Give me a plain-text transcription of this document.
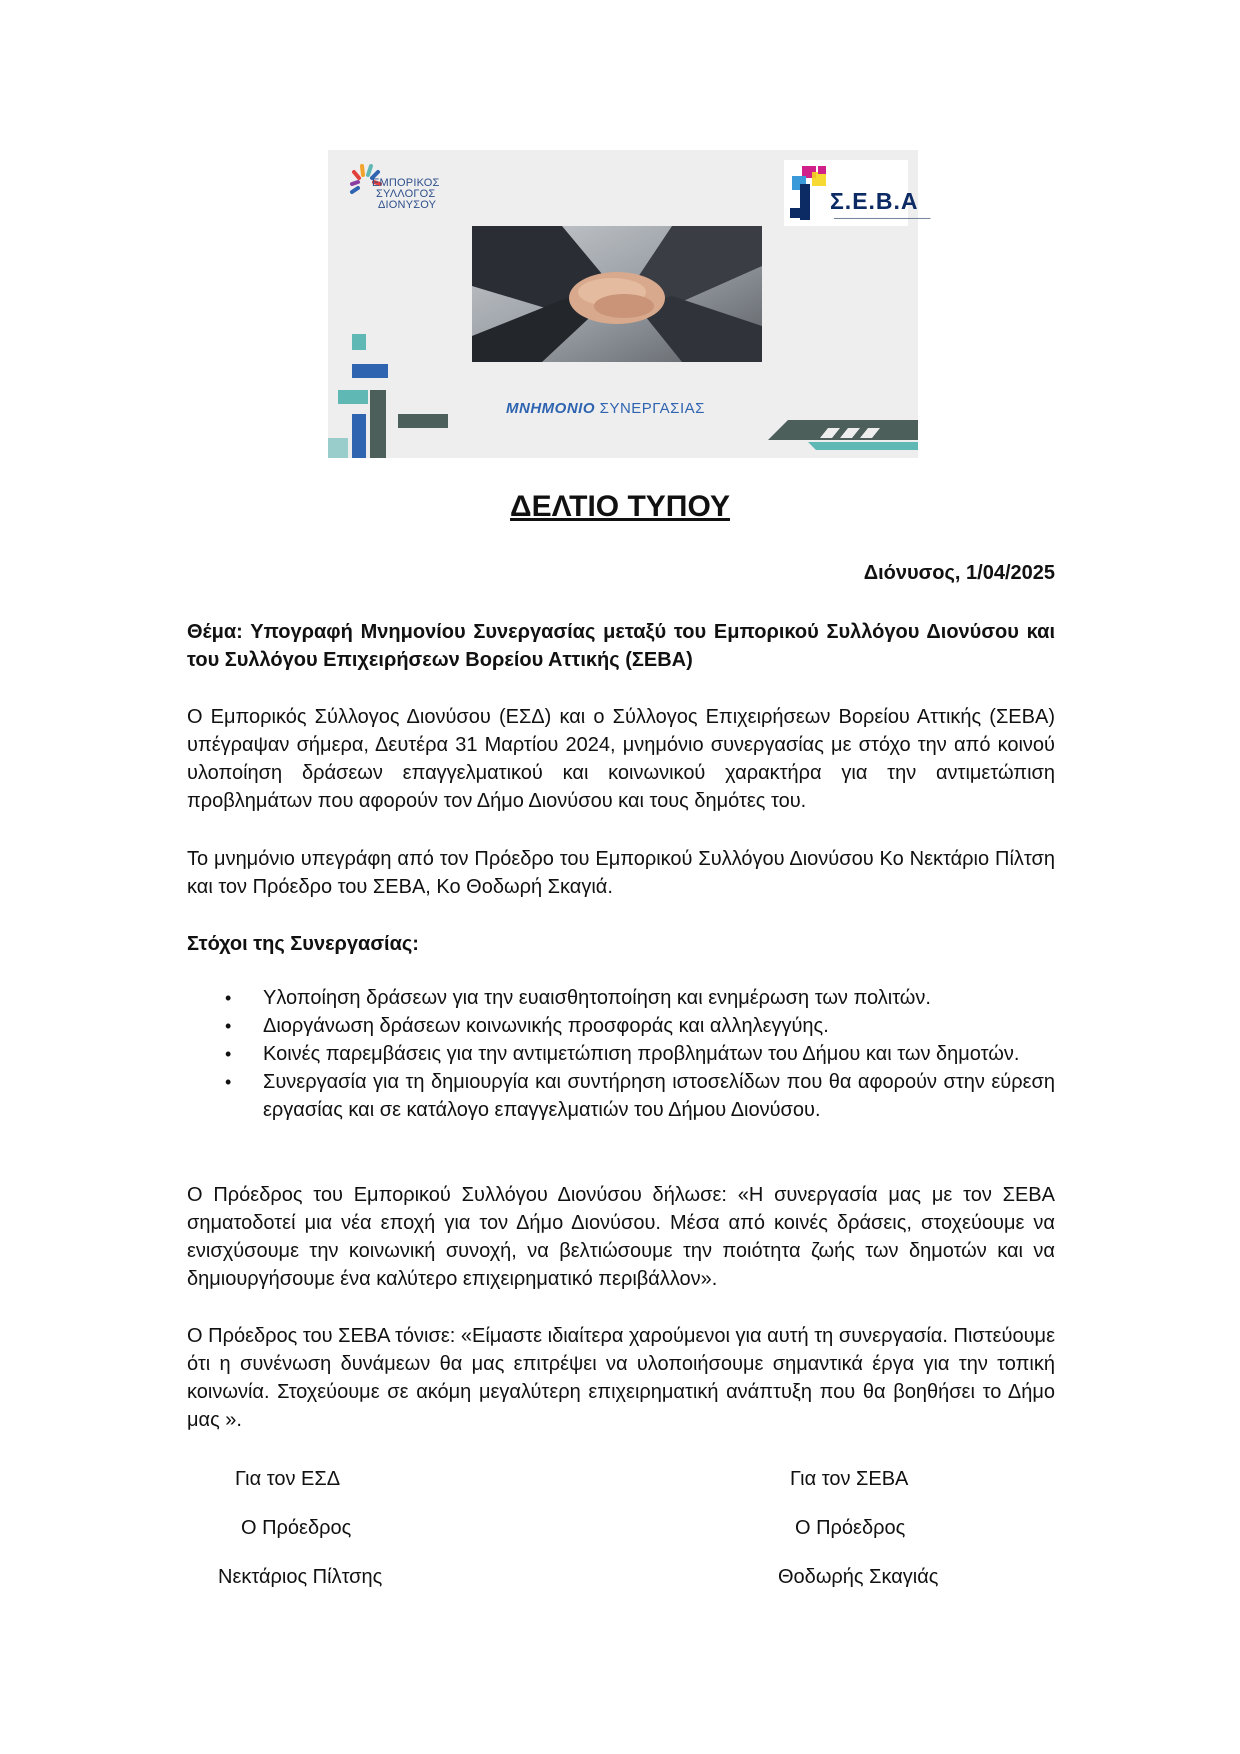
ΕΜΠΟΡΙΚΟΣ
ΣΥΛΛΟΓΟΣ
ΔΙΟΝΥΣΟΥ	Σ.Ε.Β.Α
━━━━━━━━━━━━━━━━━━━━━━━━━━━━━━━━
ΜΝΗΜΟΝΙΟ ΣΥΝΕΡΓΑΣΙΑΣ
ΔΕΛΤΙΟ ΤΥΠΟΥ
Διόνυσος, 1/04/2025
Θέμα: Υπογραφή Μνημονίου Συνεργασίας μεταξύ του Εμπορικού Συλλόγου Διονύσου και του Συλλόγου Επιχειρήσεων Βορείου Αττικής (ΣΕΒΑ)
Ο Εμπορικός Σύλλογος Διονύσου (ΕΣΔ) και ο Σύλλογος Επιχειρήσεων Βορείου Αττικής (ΣΕΒΑ) υπέγραψαν σήμερα, Δευτέρα 31 Μαρτίου 2024, μνημόνιο συνεργασίας με στόχο την από κοινού υλοποίηση δράσεων επαγγελματικού και κοινωνικού χαρακτήρα για την αντιμετώπιση προβλημάτων που αφορούν τον Δήμο Διονύσου και τους δημότες του.
Το μνημόνιο υπεγράφη από τον Πρόεδρο του Εμπορικού Συλλόγου Διονύσου Κο Νεκτάριο Πίλτση και τον Πρόεδρο του ΣΕΒΑ, Κο Θοδωρή Σκαγιά.
Στόχοι της Συνεργασίας:
• Υλοποίηση δράσεων για την ευαισθητοποίηση και ενημέρωση των πολιτών.
• Διοργάνωση δράσεων κοινωνικής προσφοράς και αλληλεγγύης.
• Κοινές παρεμβάσεις για την αντιμετώπιση προβλημάτων του Δήμου και των δημοτών.
• Συνεργασία για τη δημιουργία και συντήρηση ιστοσελίδων που θα αφορούν στην εύρεση εργασίας και σε κατάλογο επαγγελματιών του Δήμου Διονύσου.
Ο Πρόεδρος του Εμπορικού Συλλόγου Διονύσου δήλωσε: «Η συνεργασία μας με τον ΣΕΒΑ σηματοδοτεί μια νέα εποχή για τον Δήμο Διονύσου. Μέσα από κοινές δράσεις, στοχεύουμε να ενισχύσουμε την κοινωνική συνοχή, να βελτιώσουμε την ποιότητα ζωής των δημοτών και να δημιουργήσουμε ένα καλύτερο επιχειρηματικό περιβάλλον».
Ο Πρόεδρος του ΣΕΒΑ τόνισε: «Είμαστε ιδιαίτερα χαρούμενοι για αυτή τη συνεργασία. Πιστεύουμε ότι η συνένωση δυνάμεων θα μας επιτρέψει να υλοποιήσουμε σημαντικά έργα για την τοπική κοινωνία. Στοχεύουμε σε ακόμη μεγαλύτερη επιχειρηματική ανάπτυξη που θα βοηθήσει το Δήμο μας ».
Για τον ΕΣΔ
Ο Πρόεδρος
Νεκτάριος Πίλτσης
Για τον ΣΕΒΑ
Ο Πρόεδρος
Θοδωρής Σκαγιάς
